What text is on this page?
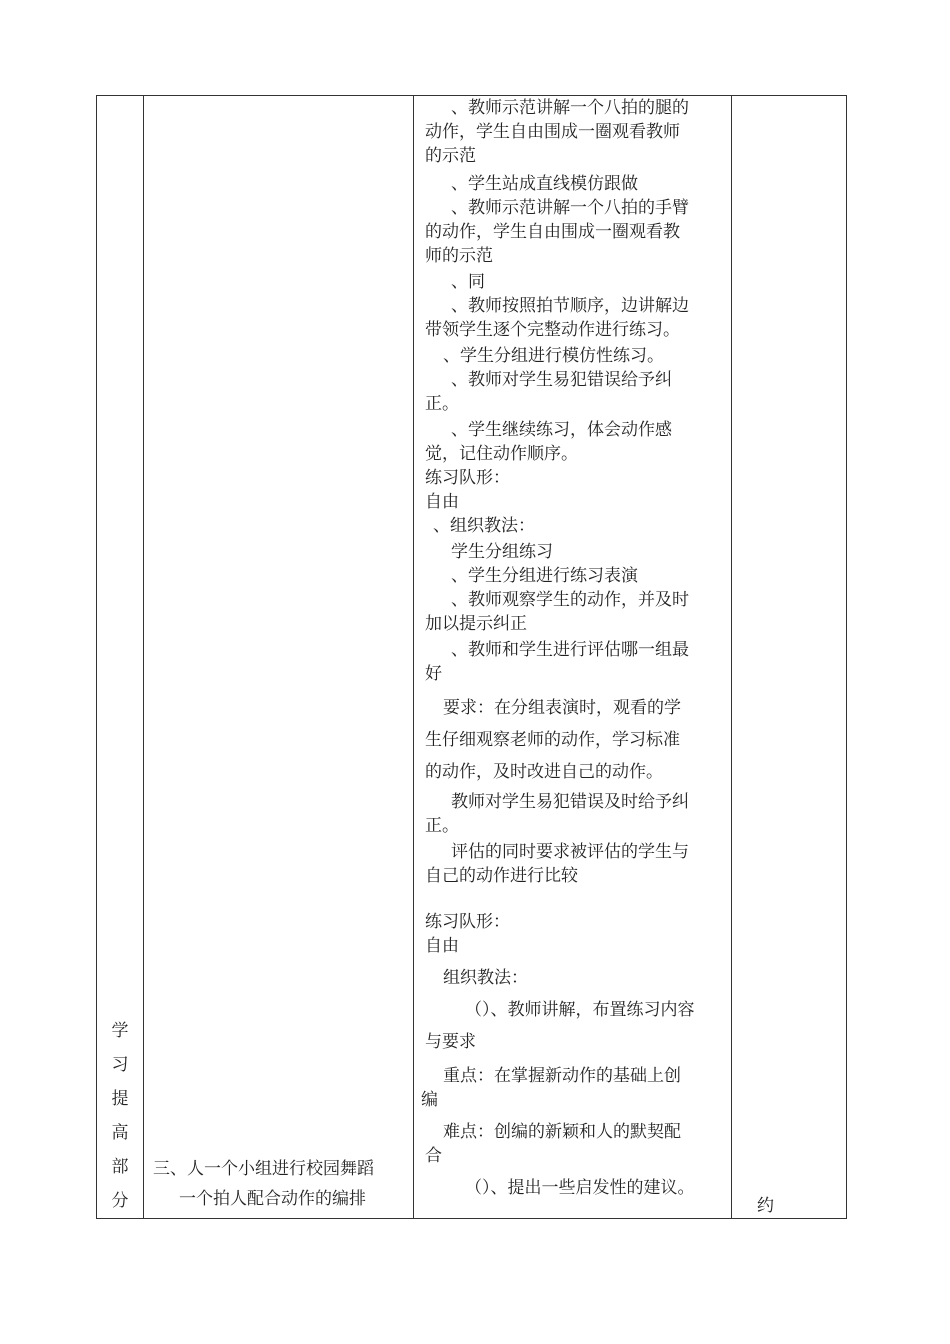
学
习
提
高
部
分
三、人一个小组进行校园舞蹈
一个拍人配合动作的编排
、教师示范讲解一个八拍的腿的
动作，学生自由围成一圈观看教师
的示范
、学生站成直线模仿跟做
、教师示范讲解一个八拍的手臂
的动作，学生自由围成一圈观看教
师的示范
、同
、教师按照拍节顺序，边讲解边
带领学生逐个完整动作进行练习。
、学生分组进行模仿性练习。
、教师对学生易犯错误给予纠
正。
、学生继续练习，体会动作感
觉，记住动作顺序。
练习队形：
自由
、组织教法：
学生分组练习
、学生分组进行练习表演
、教师观察学生的动作，并及时
加以提示纠正
、教师和学生进行评估哪一组最
好
要求：在分组表演时，观看的学
生仔细观察老师的动作，学习标准
的动作，及时改进自己的动作。
教师对学生易犯错误及时给予纠
正。
评估的同时要求被评估的学生与
自己的动作进行比较
练习队形：
自由
组织教法：
（）、教师讲解，布置练习内容
与要求
重点：在掌握新动作的基础上创
编
难点：创编的新颖和人的默契配
合
（）、提出一些启发性的建议。
约
